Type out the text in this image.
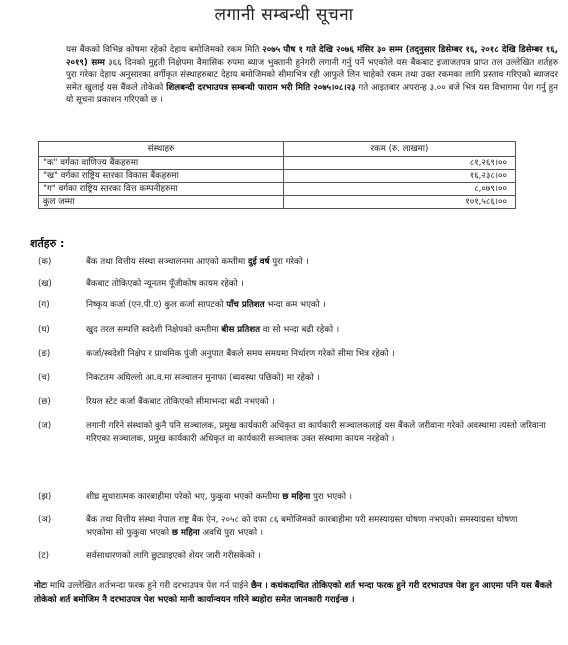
लगानी सम्बन्धी सूचना
यस बैंकको विभिन्न कोषमा रहेको देहाय बमोजिमको रकम मिति २०७५ पौष १ गते देखि २०७६ मंसिर ३० सम्म (तद्नुसार डिसेम्बर १६, २०१८ देखि डिसेम्बर १६, २०१९) सम्म ३६६ दिनको मुद्दती निक्षेपमा वैमासिक रुपमा ब्याज भुक्तानी हुनेगरी लगानी गर्नु पर्ने भएकोले यस बैंकबाट इजाजतपत्र प्राप्त तल उल्लेखित शर्तहरु पुरा गरेका देहाय अनुसारका वर्गीकृत संस्थाहरुबाट देहाय बमोजिमको सीमाभित्र रही आफुले लिन चाहेको रकम तथा उक्त रकमका लागि प्रस्ताव गरिएको ब्याजदर समेत खुलाई यस बैंकले तोकेको शिलबन्दी दरभाउपत्र सम्बन्धी फाराम भरी मिति २०७५।०८।२३ गते आइतबार अपरान्ह ३.०० बजे भित्र यस विभागमा पेश गर्नु हुन यो सूचना प्रकाशन गरिएको छ ।
संस्थाहरु	रकम (रु. लाखमा)
"क" वर्गका वाणिज्य बैंकहरुमा	८१,२६९।००
"ख" वर्गका राष्ट्रिय स्तरका विकास बैंकहरुमा	१६,२३८।००
"ग" वर्गका राष्ट्रिय स्तरका वित्त कम्पनीहरुमा	८,०७९।००
कुल जम्मा	१०१,५८६।००
शर्तहरु :
(क)	बैंक तथा वित्तीय संस्था सञ्चालनमा आएको कम्तीमा दुई वर्ष पुरा गरेको ।
(ख)	बैंकबाट तोकिएको न्यूनतम पूँजीकोष कायम रहेको ।
(ग)	निष्कृय कर्जा (एन.पी.ए) कुल कर्जा सापटको पाँच प्रतिशत भन्दा कम भएको ।
(घ)	खुद तरल सम्पत्ति स्वदेशी निक्षेपको कम्तीमा बीस प्रतिशत वा सो भन्दा बढी रहेको ।
(ङ)	कर्जा/स्वदेशी निक्षेप र प्राथमिक पुंजी अनुपात बैंकले समय समयमा निर्धारण गरेको सीमा भित्र रहेको ।
(च)	निकटतम अघिल्लो आ.व.मा सञ्चालन मुनाफा (ब्यवस्था पछिको) मा रहेको ।
(छ)	रियल स्टेट कर्जा बैंकबाट तोकिएको सीमाभन्दा बढी नभएको ।
(ज)	लगानी गरिने संस्थाको कुनै पनि सञ्चालक, प्रमुख कार्यकारी अधिकृत वा कार्यकारी सञ्चालकलाई यस बैंकले जरीवाना गरेको अवस्थामा त्यस्तो जरिवाना गरिएका सञ्चालक, प्रमुख कार्यकारी अधिकृत वा कार्यकारी सञ्चालक उक्त संस्थामा कायम नरहेको ।
(झ)	शीघ्र सुधारात्मक कारबाहीमा परेको भए, फुकुवा भएको कम्तीमा छ महिना पुरा भएको ।
(ञ)	बैंक तथा वित्तीय संस्था नेपाल राष्ट्र बैंक ऐन, २०५८ को दफा ८६ बमोजिमको कारबाहीमा परी समस्याग्रस्त घोषणा नभएको। समस्याग्रस्त घोषणा भएकोमा सो फुकुवा भएको छ महिना अवधि पुरा भएको ।
(ट)	सर्वसाधारणको लागि छुट्याइएको शेयर जारी गरीसकेको ।
नोटः माथि उल्लेखित शर्तभन्दा फरक हुने गरी दरभाउपत्र पेश गर्न पाईने छैन । कथंकदाचित तोकिएको शर्त भन्दा फरक हुने गरी दरभाउपत्र पेश हुन आएमा पनि यस बैंकले तोकेको शर्त बमोजिम नै दरभाउपत्र पेश भएको मानी कार्यान्वयन गरिने ब्यहोरा समेत जानकारी गराईन्छ ।
